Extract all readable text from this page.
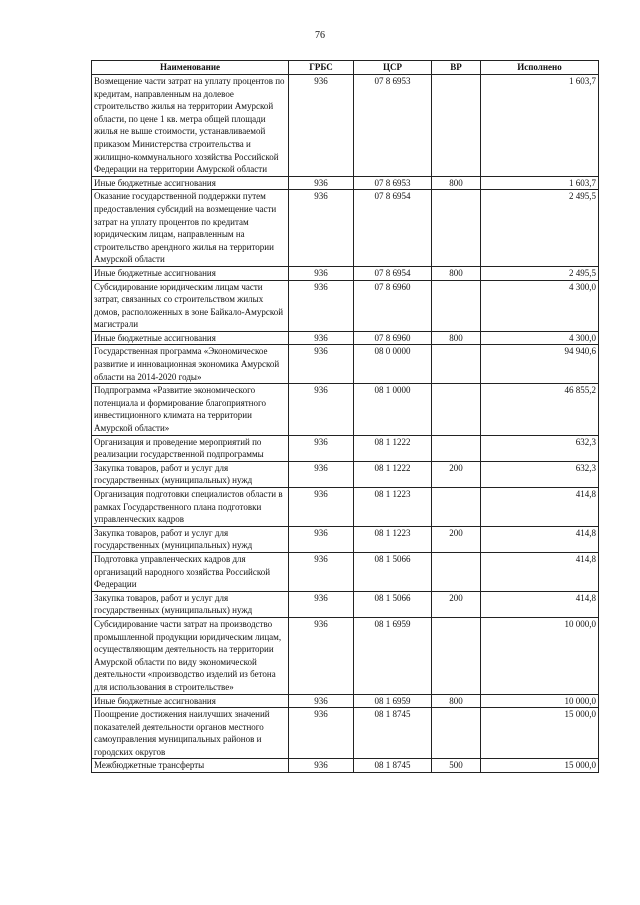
76
Наименование	ГРБС	ЦСР	ВР	Исполнено
Возмещение части затрат на уплату процентов по кредитам, направленным на долевое строительство жилья на территории Амурской области, по цене 1 кв. метра общей площади жилья не выше стоимости, устанавливаемой приказом Министерства строительства и жилищно-коммунального хозяйства Российской Федерации на территории Амурской области	936	07 8 6953		1 603,7
Иные бюджетные ассигнования	936	07 8 6953	800	1 603,7
Оказание государственной поддержки путем предоставления субсидий на возмещение части затрат на уплату процентов по кредитам юридическим лицам, направленным на строительство арендного жилья на территории Амурской области	936	07 8 6954		2 495,5
Иные бюджетные ассигнования	936	07 8 6954	800	2 495,5
Субсидирование юридическим лицам части затрат, связанных со строительством жилых домов, расположенных в зоне Байкало-Амурской магистрали	936	07 8 6960		4 300,0
Иные бюджетные ассигнования	936	07 8 6960	800	4 300,0
Государственная программа «Экономическое развитие и инновационная экономика Амурской области на 2014-2020 годы»	936	08 0 0000		94 940,6
Подпрограмма «Развитие экономического потенциала и формирование благоприятного инвестиционного климата на территории Амурской области»	936	08 1 0000		46 855,2
Организация и проведение мероприятий по реализации государственной подпрограммы	936	08 1 1222		632,3
Закупка товаров, работ и услуг для государственных (муниципальных) нужд	936	08 1 1222	200	632,3
Организация подготовки специалистов области в рамках Государственного плана подготовки управленческих кадров	936	08 1 1223		414,8
Закупка товаров, работ и услуг для государственных (муниципальных) нужд	936	08 1 1223	200	414,8
Подготовка управленческих кадров для организаций народного хозяйства Российской Федерации	936	08 1 5066		414,8
Закупка товаров, работ и услуг для государственных (муниципальных) нужд	936	08 1 5066	200	414,8
Субсидирование части затрат на производство промышленной продукции юридическим лицам, осуществляющим деятельность на территории Амурской области по виду экономической деятельности «производство изделий из бетона для использования в строительстве»	936	08 1 6959		10 000,0
Иные бюджетные ассигнования	936	08 1 6959	800	10 000,0
Поощрение достижения наилучших значений показателей деятельности органов местного самоуправления муниципальных районов и городских округов	936	08 1 8745		15 000,0
Межбюджетные трансферты	936	08 1 8745	500	15 000,0
